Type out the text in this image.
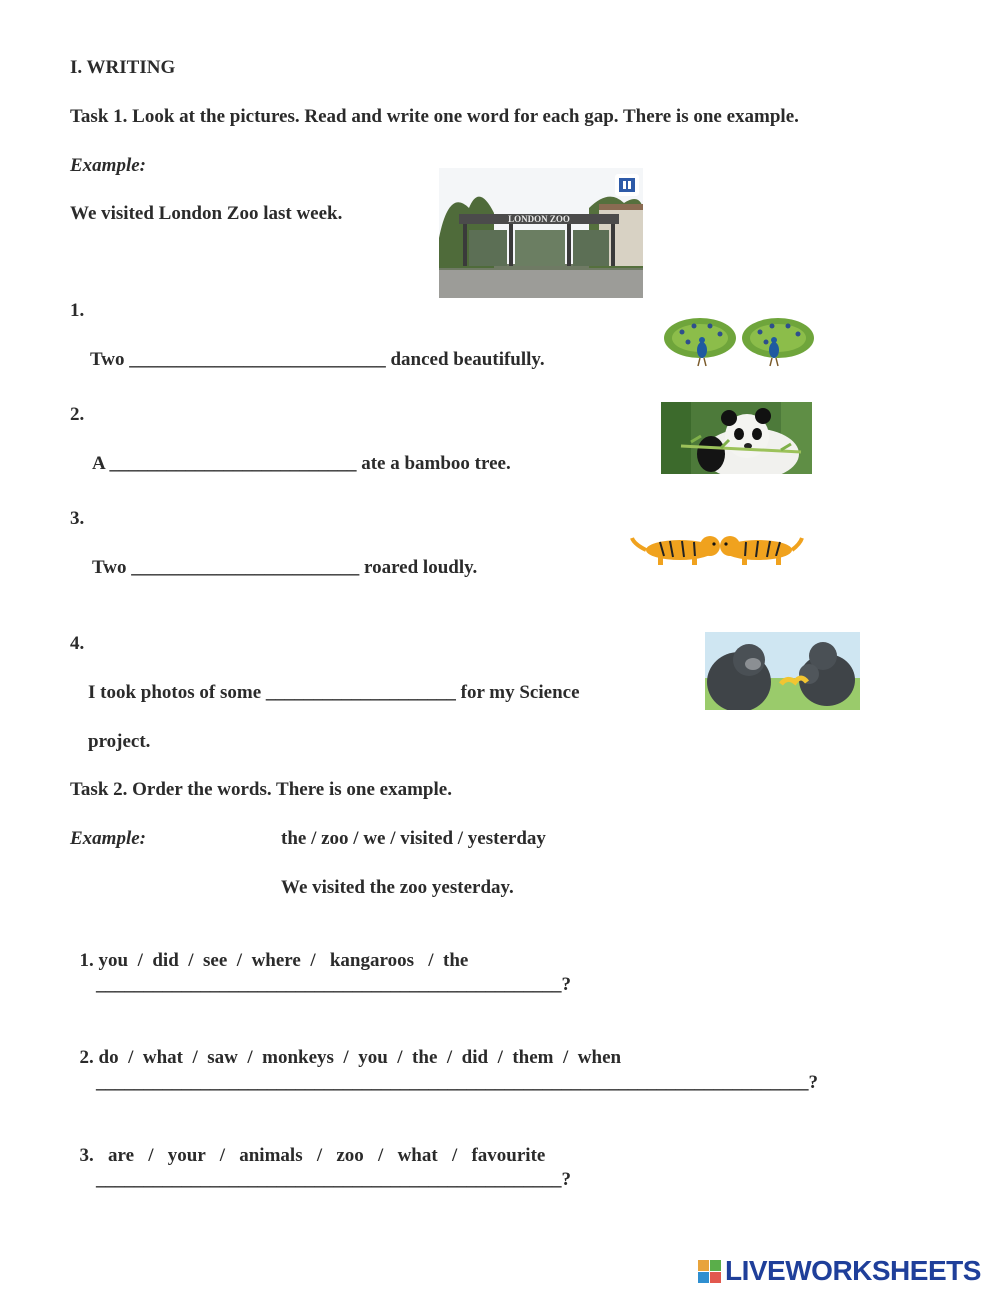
I. WRITING
Task 1. Look at the pictures. Read and write one word for each gap. There is one example.
Example:
We visited London Zoo last week.	LONDON ZOO
1.
Two ___________________________ danced beautifully.
2.
A __________________________ ate a bamboo tree.
3.
Two ________________________ roared loudly.
4.
I took photos of some ____________________ for my Science
project.
Task 2. Order the words. There is one example.
Example:	the / zoo / we / visited / yesterday
We visited the zoo yesterday.

1. you  /  did  /  see  /  where  /   kangaroos   /  the

_________________________________________________?

2. do  /  what  /  saw  /  monkeys  /  you  /  the  /  did  /  them  /  when

___________________________________________________________________________?

3. are   /   your   /   animals   /   zoo   /   what   /   favourite

_________________________________________________?
LIVEWORKSHEETS
